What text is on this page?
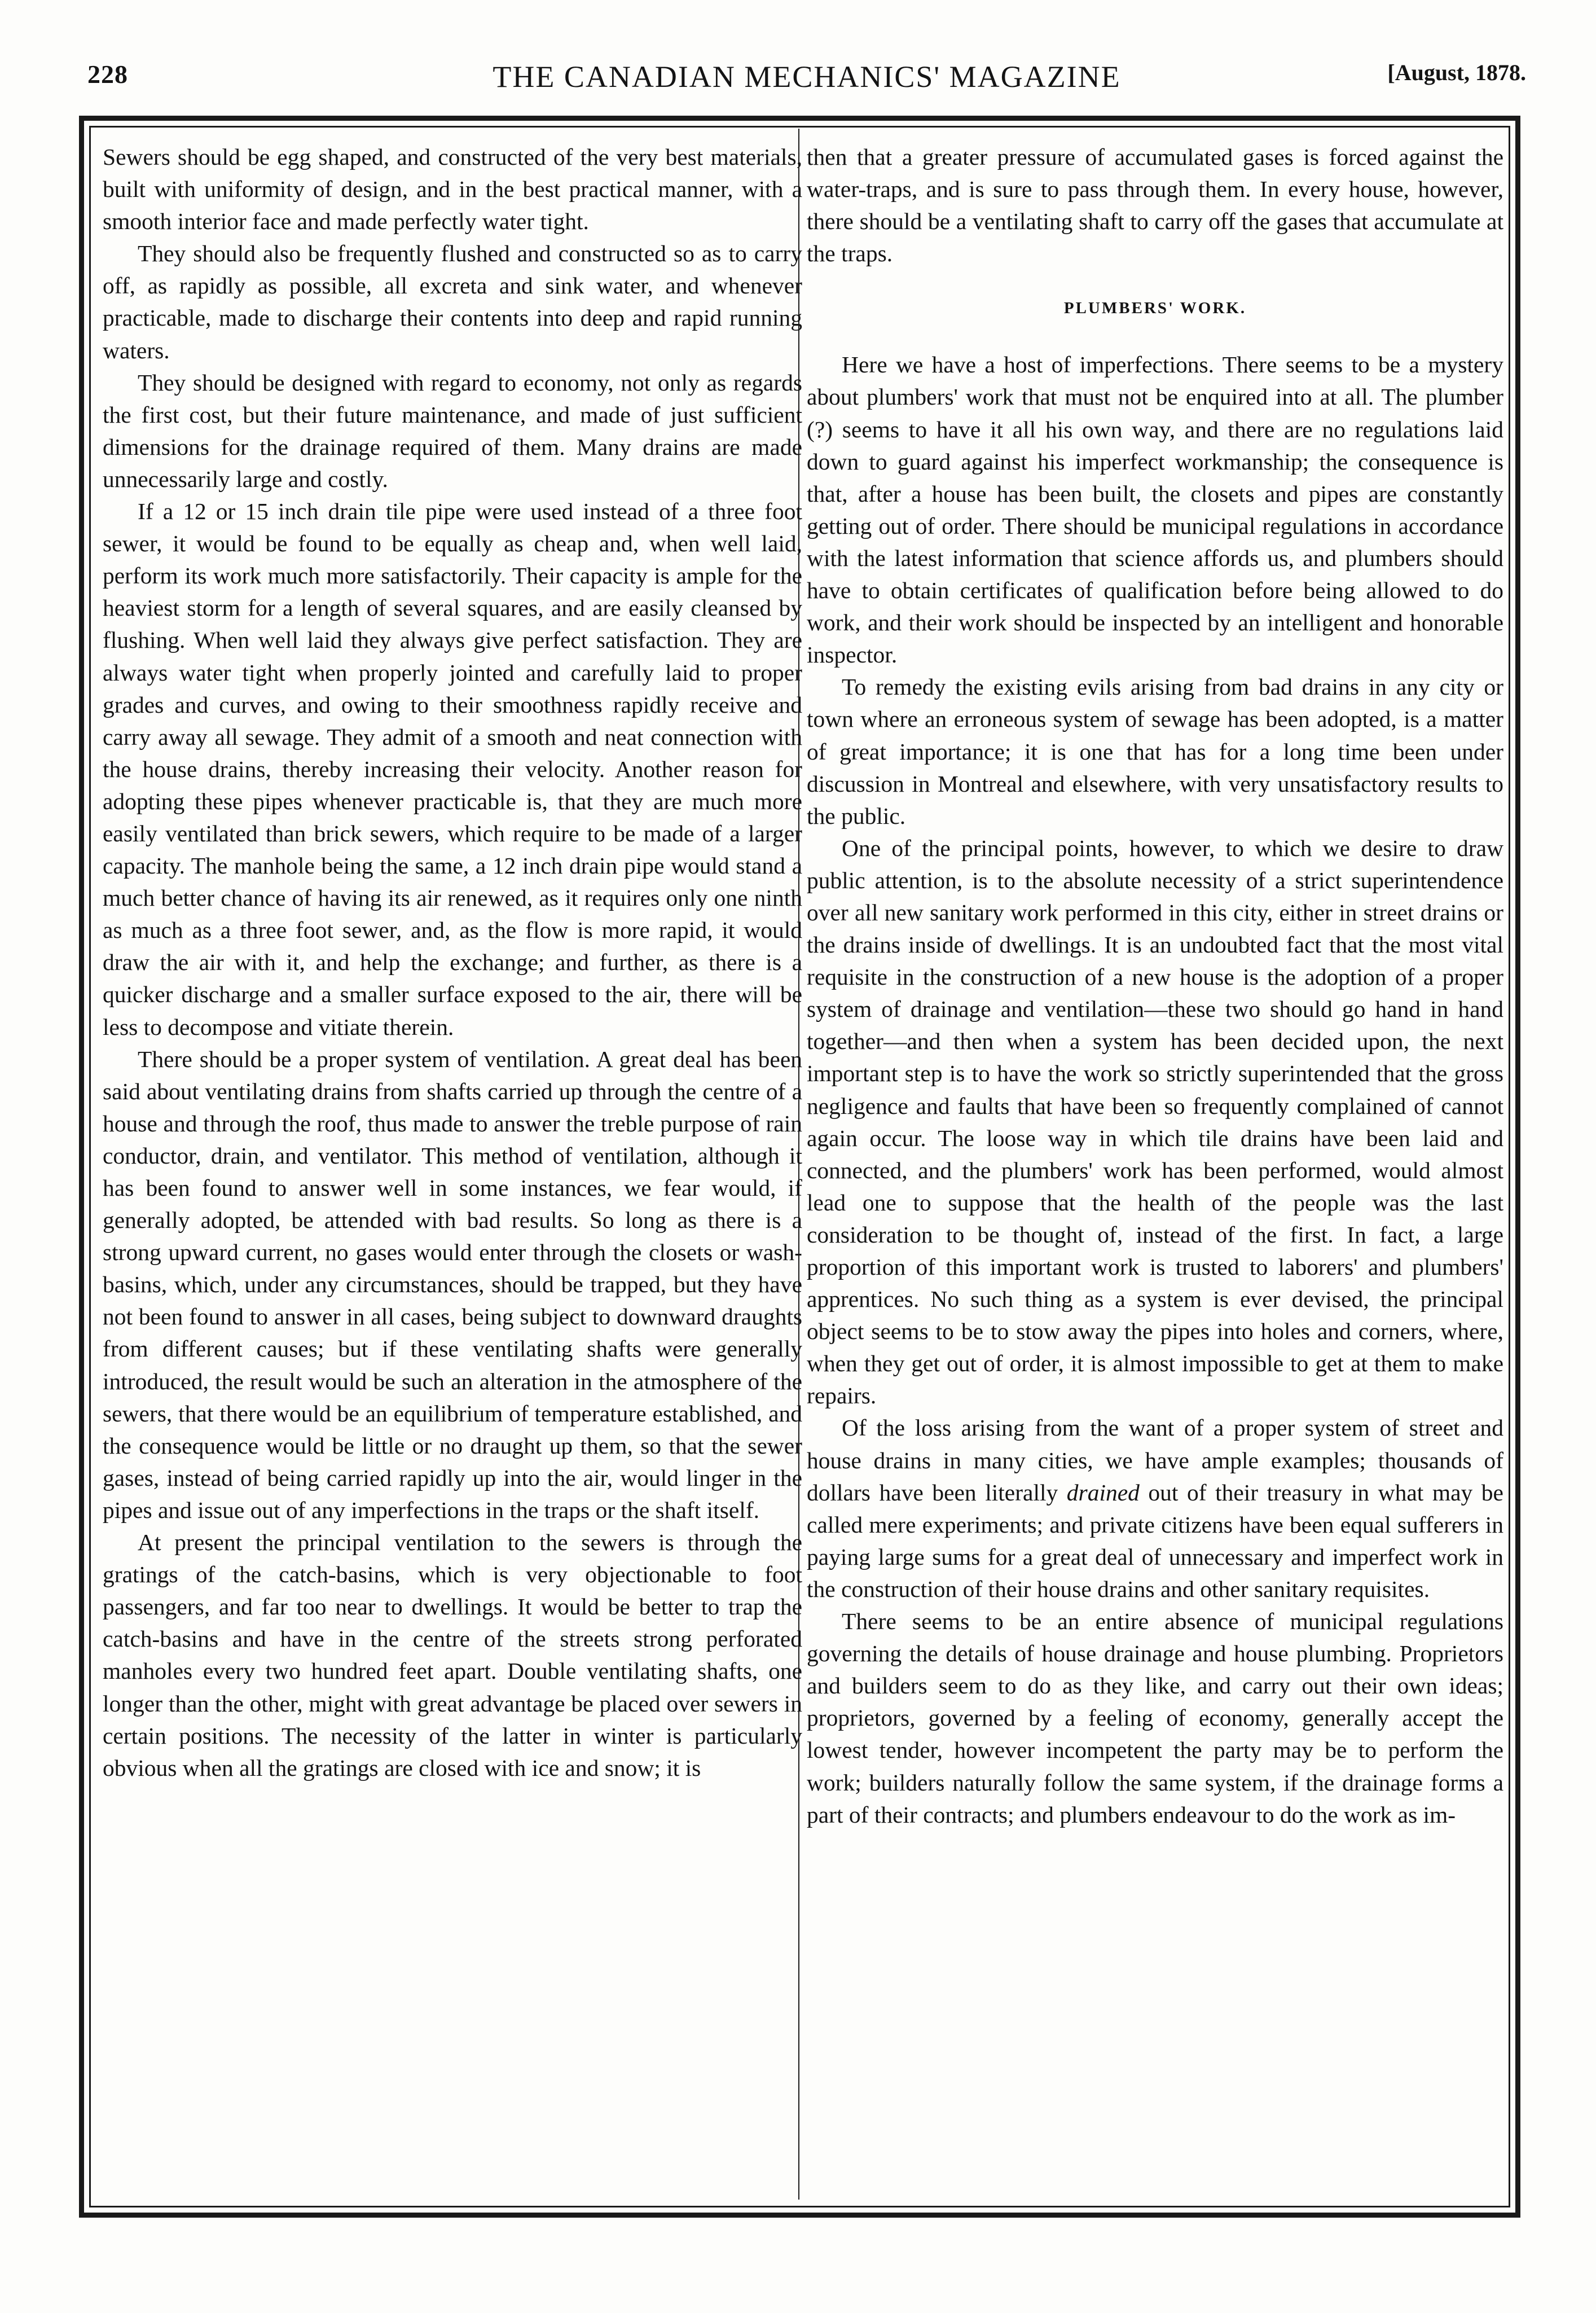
228	THE CANADIAN MECHANICS' MAGAZINE	[August, 1878.

Sewers should be egg shaped, and constructed of the very best materials, built with uniformity of design, and in the best practical manner, with a smooth interior face and made perfectly water tight.

They should also be frequently flushed and constructed so as to carry off, as rapidly as possible, all excreta and sink water, and whenever practicable, made to discharge their contents into deep and rapid running waters.

They should be designed with regard to economy, not only as regards the first cost, but their future maintenance, and made of just sufficient dimensions for the drainage required of them. Many drains are made unnecessarily large and costly.

If a 12 or 15 inch drain tile pipe were used instead of a three foot sewer, it would be found to be equally as cheap and, when well laid, perform its work much more satisfactorily. Their capacity is ample for the heaviest storm for a length of several squares, and are easily cleansed by flushing. When well laid they always give perfect satisfaction. They are always water tight when properly jointed and carefully laid to proper grades and curves, and owing to their smoothness rapidly receive and carry away all sewage. They admit of a smooth and neat connection with the house drains, thereby increasing their velocity. Another reason for adopting these pipes whenever practicable is, that they are much more easily ventilated than brick sewers, which require to be made of a larger capacity. The manhole being the same, a 12 inch drain pipe would stand a much better chance of having its air renewed, as it requires only one ninth as much as a three foot sewer, and, as the flow is more rapid, it would draw the air with it, and help the exchange; and further, as there is a quicker discharge and a smaller surface exposed to the air, there will be less to decompose and vitiate therein.

There should be a proper system of ventilation. A great deal has been said about ventilating drains from shafts carried up through the centre of a house and through the roof, thus made to answer the treble purpose of rain conductor, drain, and ventilator. This method of ventilation, although it has been found to answer well in some instances, we fear would, if generally adopted, be attended with bad results. So long as there is a strong upward current, no gases would enter through the closets or wash-basins, which, under any circumstances, should be trapped, but they have not been found to answer in all cases, being subject to downward draughts from different causes; but if these ventilating shafts were generally introduced, the result would be such an alteration in the atmosphere of the sewers, that there would be an equilibrium of temperature established, and the consequence would be little or no draught up them, so that the sewer gases, instead of being carried rapidly up into the air, would linger in the pipes and issue out of any imperfections in the traps or the shaft itself.

At present the principal ventilation to the sewers is through the gratings of the catch-basins, which is very objectionable to foot passengers, and far too near to dwellings. It would be better to trap the catch-basins and have in the centre of the streets strong perforated manholes every two hundred feet apart. Double ventilating shafts, one longer than the other, might with great advantage be placed over sewers in certain positions. The necessity of the latter in winter is particularly obvious when all the gratings are closed with ice and snow; it is

then that a greater pressure of accumulated gases is forced against the water-traps, and is sure to pass through them. In every house, however, there should be a ventilating shaft to carry off the gases that accumulate at the traps.

PLUMBERS' WORK.

Here we have a host of imperfections. There seems to be a mystery about plumbers' work that must not be enquired into at all. The plumber (?) seems to have it all his own way, and there are no regulations laid down to guard against his imperfect workmanship; the consequence is that, after a house has been built, the closets and pipes are constantly getting out of order. There should be municipal regulations in accordance with the latest information that science affords us, and plumbers should have to obtain certificates of qualification before being allowed to do work, and their work should be inspected by an intelligent and honorable inspector.

To remedy the existing evils arising from bad drains in any city or town where an erroneous system of sewage has been adopted, is a matter of great importance; it is one that has for a long time been under discussion in Montreal and elsewhere, with very unsatisfactory results to the public.

One of the principal points, however, to which we desire to draw public attention, is to the absolute necessity of a strict superintendence over all new sanitary work performed in this city, either in street drains or the drains inside of dwellings. It is an undoubted fact that the most vital requisite in the construction of a new house is the adoption of a proper system of drainage and ventilation—these two should go hand in hand together—and then when a system has been decided upon, the next important step is to have the work so strictly superintended that the gross negligence and faults that have been so frequently complained of cannot again occur. The loose way in which tile drains have been laid and connected, and the plumbers' work has been performed, would almost lead one to suppose that the health of the people was the last consideration to be thought of, instead of the first. In fact, a large proportion of this important work is trusted to laborers' and plumbers' apprentices. No such thing as a system is ever devised, the principal object seems to be to stow away the pipes into holes and corners, where, when they get out of order, it is almost impossible to get at them to make repairs.

Of the loss arising from the want of a proper system of street and house drains in many cities, we have ample examples; thousands of dollars have been literally drained out of their treasury in what may be called mere experiments; and private citizens have been equal sufferers in paying large sums for a great deal of unnecessary and imperfect work in the construction of their house drains and other sanitary requisites.

There seems to be an entire absence of municipal regulations governing the details of house drainage and house plumbing. Proprietors and builders seem to do as they like, and carry out their own ideas; proprietors, governed by a feeling of economy, generally accept the lowest tender, however incompetent the party may be to perform the work; builders naturally follow the same system, if the drainage forms a part of their contracts; and plumbers endeavour to do the work as im-
